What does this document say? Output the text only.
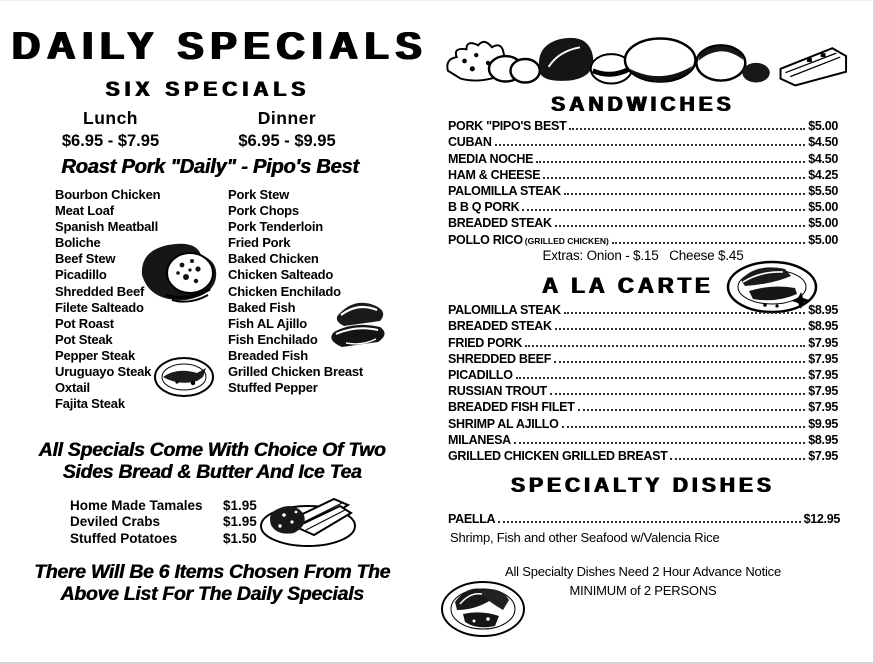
DAILY SPECIALS
SIX SPECIALS
Lunch
$6.95 - $7.95
Dinner
$6.95 - $9.95
Roast Pork "Daily" - Pipo's Best
Bourbon Chicken
Meat Loaf
Spanish Meatball
Boliche
Beef Stew
Picadillo
Shredded Beef
Filete Salteado
Pot Roast
Pot Steak
Pepper Steak
Uruguayo Steak
Oxtail
Fajita Steak
Pork Stew
Pork Chops
Pork Tenderloin
Fried Pork
Baked Chicken
Chicken Salteado
Chicken Enchilado
Baked Fish
Fish AL Ajillo
Fish Enchilado
Breaded Fish
Grilled Chicken Breast
Stuffed Pepper
All Specials Come With Choice Of Two
Sides Bread & Butter And Ice Tea
Home Made Tamales	$1.95
Deviled Crabs	$1.95
Stuffed Potatoes	$1.50
There Will Be 6 Items Chosen From The
Above List For The Daily Specials
SANDWICHES
PORK "PIPO'S BEST	$5.00
CUBAN	$4.50
MEDIA NOCHE	$4.50
HAM & CHEESE	$4.25
PALOMILLA STEAK	$5.50
B B Q PORK	$5.00
BREADED STEAK	$5.00
POLLO RICO (GRILLED CHICKEN)	$5.00
Extras: Onion - $.15   Cheese $.45
A LA CARTE
PALOMILLA STEAK	$8.95
BREADED STEAK	$8.95
FRIED PORK	$7.95
SHREDDED BEEF	$7.95
PICADILLO	$7.95
RUSSIAN TROUT	$7.95
BREADED FISH FILET	$7.95
SHRIMP AL AJILLO	$9.95
MILANESA	$8.95
GRILLED CHICKEN GRILLED BREAST	$7.95
SPECIALTY DISHES
PAELLA	$12.95
Shrimp, Fish and other Seafood w/Valencia Rice
All Specialty Dishes Need 2 Hour Advance Notice
MINIMUM of 2 PERSONS
